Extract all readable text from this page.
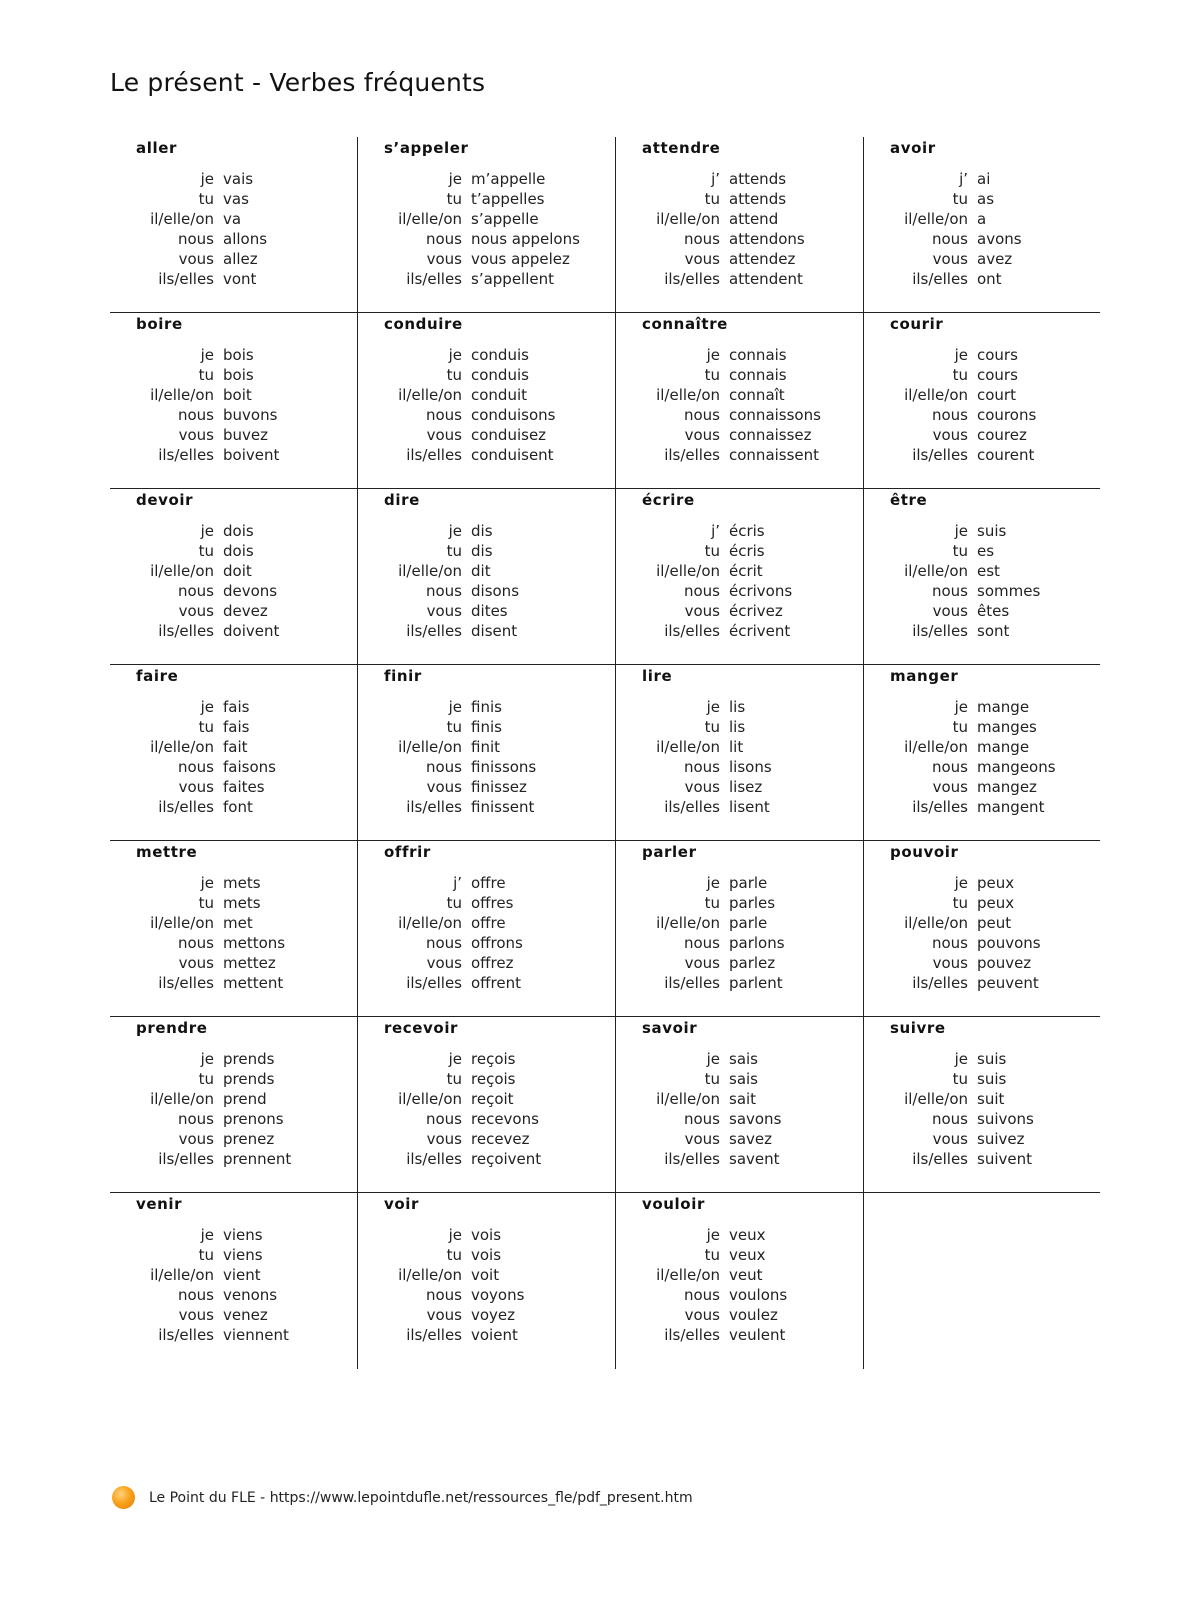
Le présent - Verbes fréquents
aller
je	vais
tu	vas
il/elle/on	va
nous	allons
vous	allez
ils/elles	vont
s’appeler
je	m’appelle
tu	t’appelles
il/elle/on	s’appelle
nous	nous appelons
vous	vous appelez
ils/elles	s’appellent
attendre
j’	attends
tu	attends
il/elle/on	attend
nous	attendons
vous	attendez
ils/elles	attendent
avoir
j’	ai
tu	as
il/elle/on	a
nous	avons
vous	avez
ils/elles	ont
boire
je	bois
tu	bois
il/elle/on	boit
nous	buvons
vous	buvez
ils/elles	boivent
conduire
je	conduis
tu	conduis
il/elle/on	conduit
nous	conduisons
vous	conduisez
ils/elles	conduisent
connaître
je	connais
tu	connais
il/elle/on	connaît
nous	connaissons
vous	connaissez
ils/elles	connaissent
courir
je	cours
tu	cours
il/elle/on	court
nous	courons
vous	courez
ils/elles	courent
devoir
je	dois
tu	dois
il/elle/on	doit
nous	devons
vous	devez
ils/elles	doivent
dire
je	dis
tu	dis
il/elle/on	dit
nous	disons
vous	dites
ils/elles	disent
écrire
j’	écris
tu	écris
il/elle/on	écrit
nous	écrivons
vous	écrivez
ils/elles	écrivent
être
je	suis
tu	es
il/elle/on	est
nous	sommes
vous	êtes
ils/elles	sont
faire
je	fais
tu	fais
il/elle/on	fait
nous	faisons
vous	faites
ils/elles	font
finir
je	finis
tu	finis
il/elle/on	finit
nous	finissons
vous	finissez
ils/elles	finissent
lire
je	lis
tu	lis
il/elle/on	lit
nous	lisons
vous	lisez
ils/elles	lisent
manger
je	mange
tu	manges
il/elle/on	mange
nous	mangeons
vous	mangez
ils/elles	mangent
mettre
je	mets
tu	mets
il/elle/on	met
nous	mettons
vous	mettez
ils/elles	mettent
offrir
j’	offre
tu	offres
il/elle/on	offre
nous	offrons
vous	offrez
ils/elles	offrent
parler
je	parle
tu	parles
il/elle/on	parle
nous	parlons
vous	parlez
ils/elles	parlent
pouvoir
je	peux
tu	peux
il/elle/on	peut
nous	pouvons
vous	pouvez
ils/elles	peuvent
prendre
je	prends
tu	prends
il/elle/on	prend
nous	prenons
vous	prenez
ils/elles	prennent
recevoir
je	reçois
tu	reçois
il/elle/on	reçoit
nous	recevons
vous	recevez
ils/elles	reçoivent
savoir
je	sais
tu	sais
il/elle/on	sait
nous	savons
vous	savez
ils/elles	savent
suivre
je	suis
tu	suis
il/elle/on	suit
nous	suivons
vous	suivez
ils/elles	suivent
venir
je	viens
tu	viens
il/elle/on	vient
nous	venons
vous	venez
ils/elles	viennent
voir
je	vois
tu	vois
il/elle/on	voit
nous	voyons
vous	voyez
ils/elles	voient
vouloir
je	veux
tu	veux
il/elle/on	veut
nous	voulons
vous	voulez
ils/elles	veulent
Le Point du FLE - https://www.lepointdufle.net/ressources_fle/pdf_present.htm
